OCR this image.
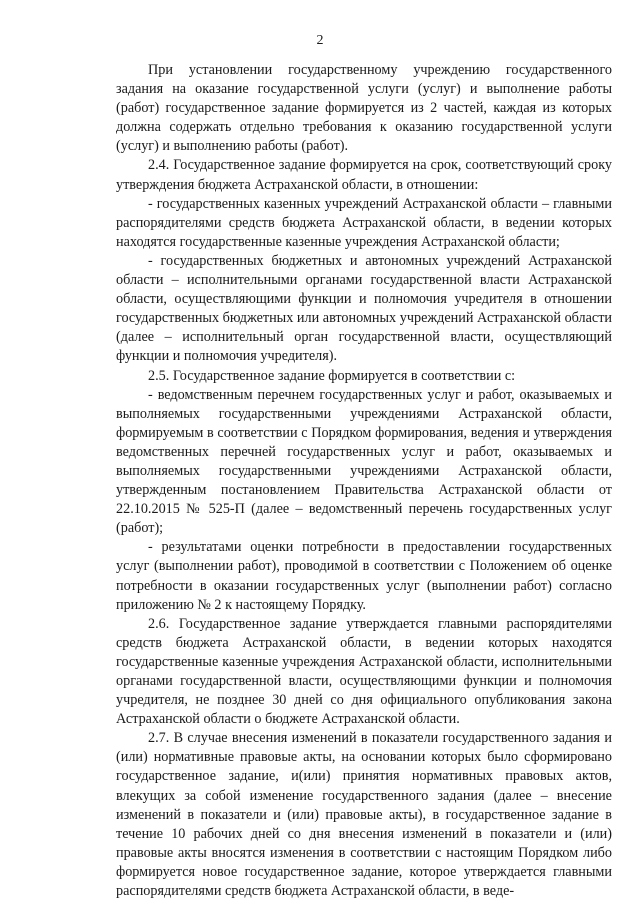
2

При установлении государственному учреждению государственного задания на оказание государственной услуги (услуг) и выполнение работы (работ) государственное задание формируется из 2 частей, каждая из которых должна содержать отдельно требования к оказанию государственной услуги (услуг) и выполнению работы (работ).

2.4. Государственное задание формируется на срок, соответствующий сроку утверждения бюджета Астраханской области, в отношении:

- государственных казенных учреждений Астраханской области – главными распорядителями средств бюджета Астраханской области, в ведении которых находятся государственные казенные учреждения Астраханской области;

- государственных бюджетных и автономных учреждений Астраханской области – исполнительными органами государственной власти Астраханской области, осуществляющими функции и полномочия учредителя в отношении государственных бюджетных или автономных учреждений Астраханской области (далее – исполнительный орган государственной власти, осуществляющий функции и полномочия учредителя).

2.5. Государственное задание формируется в соответствии с:

- ведомственным перечнем государственных услуг и работ, оказываемых и выполняемых государственными учреждениями Астраханской области, формируемым в соответствии с Порядком формирования, ведения и утверждения ведомственных перечней государственных услуг и работ, оказываемых и выполняемых государственными учреждениями Астраханской области, утвержденным постановлением Правительства Астраханской области от 22.10.2015 № 525-П (далее – ведомственный перечень государственных услуг (работ);

- результатами оценки потребности в предоставлении государственных услуг (выполнении работ), проводимой в соответствии с Положением об оценке потребности в оказании государственных услуг (выполнении работ) согласно приложению № 2 к настоящему Порядку.

2.6. Государственное задание утверждается главными распорядителями средств бюджета Астраханской области, в ведении которых находятся государственные казенные учреждения Астраханской области, исполнительными органами государственной власти, осуществляющими функции и полномочия учредителя, не позднее 30 дней со дня официального опубликования закона Астраханской области о бюджете Астраханской области.

2.7. В случае внесения изменений в показатели государственного задания и (или) нормативные правовые акты, на основании которых было сформировано государственное задание, и(или) принятия нормативных правовых актов, влекущих за собой изменение государственного задания (далее – внесение изменений в показатели и (или) правовые акты), в государственное задание в течение 10 рабочих дней со дня внесения изменений в показатели и (или) правовые акты вносятся изменения в соответствии с настоящим Порядком либо формируется новое государственное задание, которое утверждается главными распорядителями средств бюджета Астраханской области, в веде-
